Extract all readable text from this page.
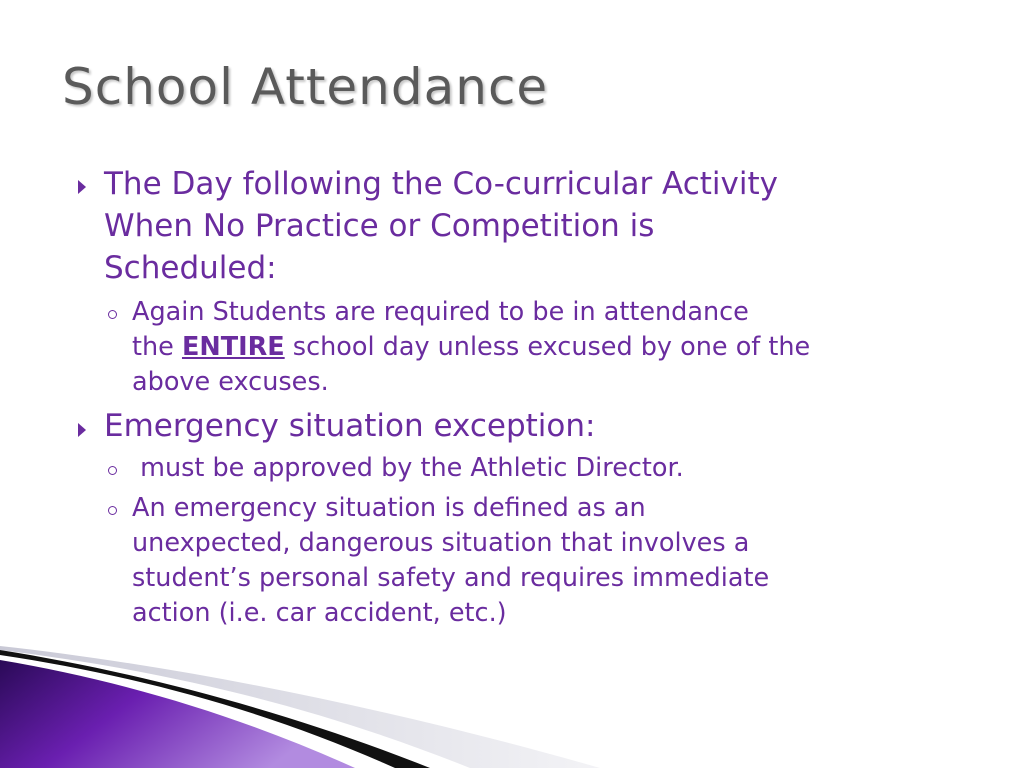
School Attendance
The Day following the Co-curricular Activity
When No Practice or Competition is
Scheduled:
Again Students are required to be in attendance
the ENTIRE school day unless excused by one of the
above excuses.
Emergency situation exception:
must be approved by the Athletic Director.
An emergency situation is defined as an
unexpected, dangerous situation that involves a
student’s personal safety and requires immediate
action (i.e. car accident, etc.)
